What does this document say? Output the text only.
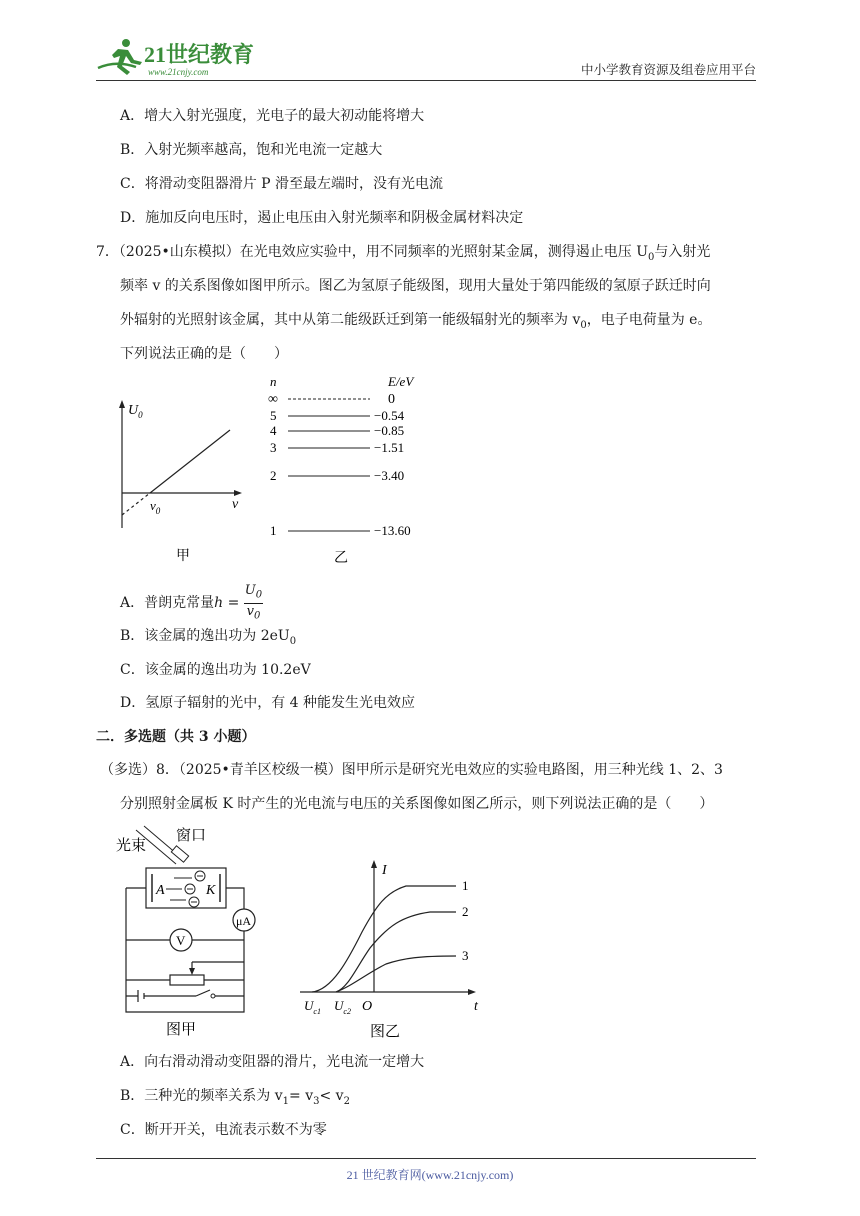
21世纪教育
www.21cnjy.com	中小学教育资源及组卷应用平台
A．增大入射光强度，光电子的最大初动能将增大
B．入射光频率越高，饱和光电流一定越大
C．将滑动变阻器滑片 P 滑至最左端时，没有光电流
D．施加反向电压时，遏止电压由入射光频率和阴极金属材料决定
7．（2025•山东模拟）在光电效应实验中，用不同频率的光照射某金属，测得遏止电压 $U_0$与入射光
频率 v 的关系图像如图甲所示。图乙为氢原子能级图，现用大量处于第四能级的氢原子跃迁时向
外辐射的光照射该金属，其中从第二能级跃迁到第一能级辐射光的频率为 $v_0$，电子电荷量为 e。
下列说法正确的是（　　）
$U_0$
v
$v_0$
甲
n	E/eV
∞	0
5	−0.54
4	−0.85
3	−1.51
2	−3.40
1	−13.60
乙
A．普朗克常量$h = \frac{U_0}{v_0}$
B．该金属的逸出功为 $2eU_0$
C．该金属的逸出功为 10.2eV
D．氢原子辐射的光中，有 4 种能发生光电效应
二．多选题（共 3 小题）
（多选）8．（2025•青羊区校级一模）图甲所示是研究光电效应的实验电路图，用三种光线 1、2、3
分别照射金属板 K 时产生的光电流与电压的关系图像如图乙所示，则下列说法正确的是（　　）
光束
窗口
A	K
μA
V
图甲
I
t
O
$U_{c1}$ $U_{c2}$
1
2
3
图乙
A．向右滑动滑动变阻器的滑片，光电流一定增大
B．三种光的频率关系为 $v_1= v_3< v_2$
C．断开开关，电流表示数不为零
21 世纪教育网(www.21cnjy.com)
